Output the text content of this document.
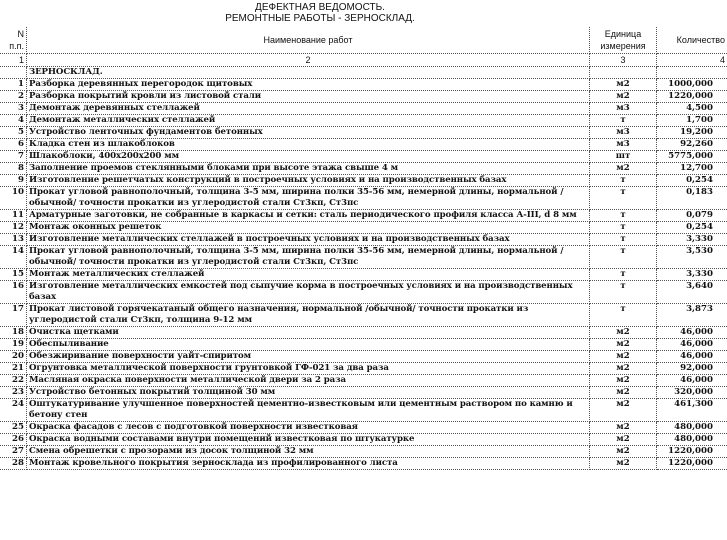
ДЕФЕКТНАЯ ВЕДОМОСТЬ.
РЕМОНТНЫЕ РАБОТЫ - ЗЕРНОСКЛАД.
N п.п.	Наименование работ	Единица измерения	Количество
1	2	3	4
	ЗЕРНОСКЛАД.		
1	Разборка деревянных перегородок щитовых	м2	1000,000
2	Разборка покрытий кровли из листовой стали	м2	1220,000
3	Демонтаж деревянных стеллажей	м3	4,500
4	Демонтаж металлических стеллажей	т	1,700
5	Устройство ленточных фундаментов бетонных	м3	19,200
6	Кладка стен из шлакоблоков	м3	92,260
7	Шлакоблоки, 400х200х200 мм	шт	5775,000
8	Заполнение проемов стеклянными блоками при высоте этажа свыше 4 м	м2	12,700
9	Изготовление решетчатых конструкций в построечных условиях и на производственных базах	т	0,254
10	Прокат угловой равнополочный, толщина 3-5 мм, ширина полки 35-56 мм, немерной длины, нормальной /обычной/ точности прокатки из углеродистой стали Ст3кп, Ст3пс	т	0,183
11	Арматурные заготовки, не собранные в каркасы и сетки: сталь периодического профиля класса А-III, d 8 мм	т	0,079
12	Монтаж оконных решеток	т	0,254
13	Изготовление металлических стеллажей в построечных условиях и на производственных базах	т	3,330
14	Прокат угловой равнополочный, толщина 3-5 мм, ширина полки 35-56 мм, немерной длины, нормальной /обычной/ точности прокатки из углеродистой стали Ст3кп, Ст3пс	т	3,530
15	Монтаж металлических стеллажей	т	3,330
16	Изготовление металлических емкостей под сыпучие корма в построечных условиях и на производственных базах	т	3,640
17	Прокат листовой горячекатаный общего назначения, нормальной /обычной/ точности прокатки из углеродистой стали Ст3кп, толщина 9-12 мм	т	3,873
18	Очистка щетками	м2	46,000
19	Обеспыливание	м2	46,000
20	Обезжиривание поверхности уайт-спиритом	м2	46,000
21	Огрунтовка металлической поверхности грунтовкой ГФ-021 за два раза	м2	92,000
22	Масляная окраска поверхности металлической двери за 2 раза	м2	46,000
23	Устройство бетонных покрытий толщиной 30 мм	м2	320,000
24	Оштукатуривание улучшенное поверхностей цементно-известковым или цементным раствором по камню и бетону стен	м2	461,300
25	Окраска фасадов с лесов с подготовкой поверхности известковая	м2	480,000
26	Окраска водными составами внутри помещений известковая по штукатурке	м2	480,000
27	Смена обрешетки с прозорами из досок толщиной 32 мм	м2	1220,000
28	Монтаж кровельного покрытия зерносклада из профилированного листа	м2	1220,000
